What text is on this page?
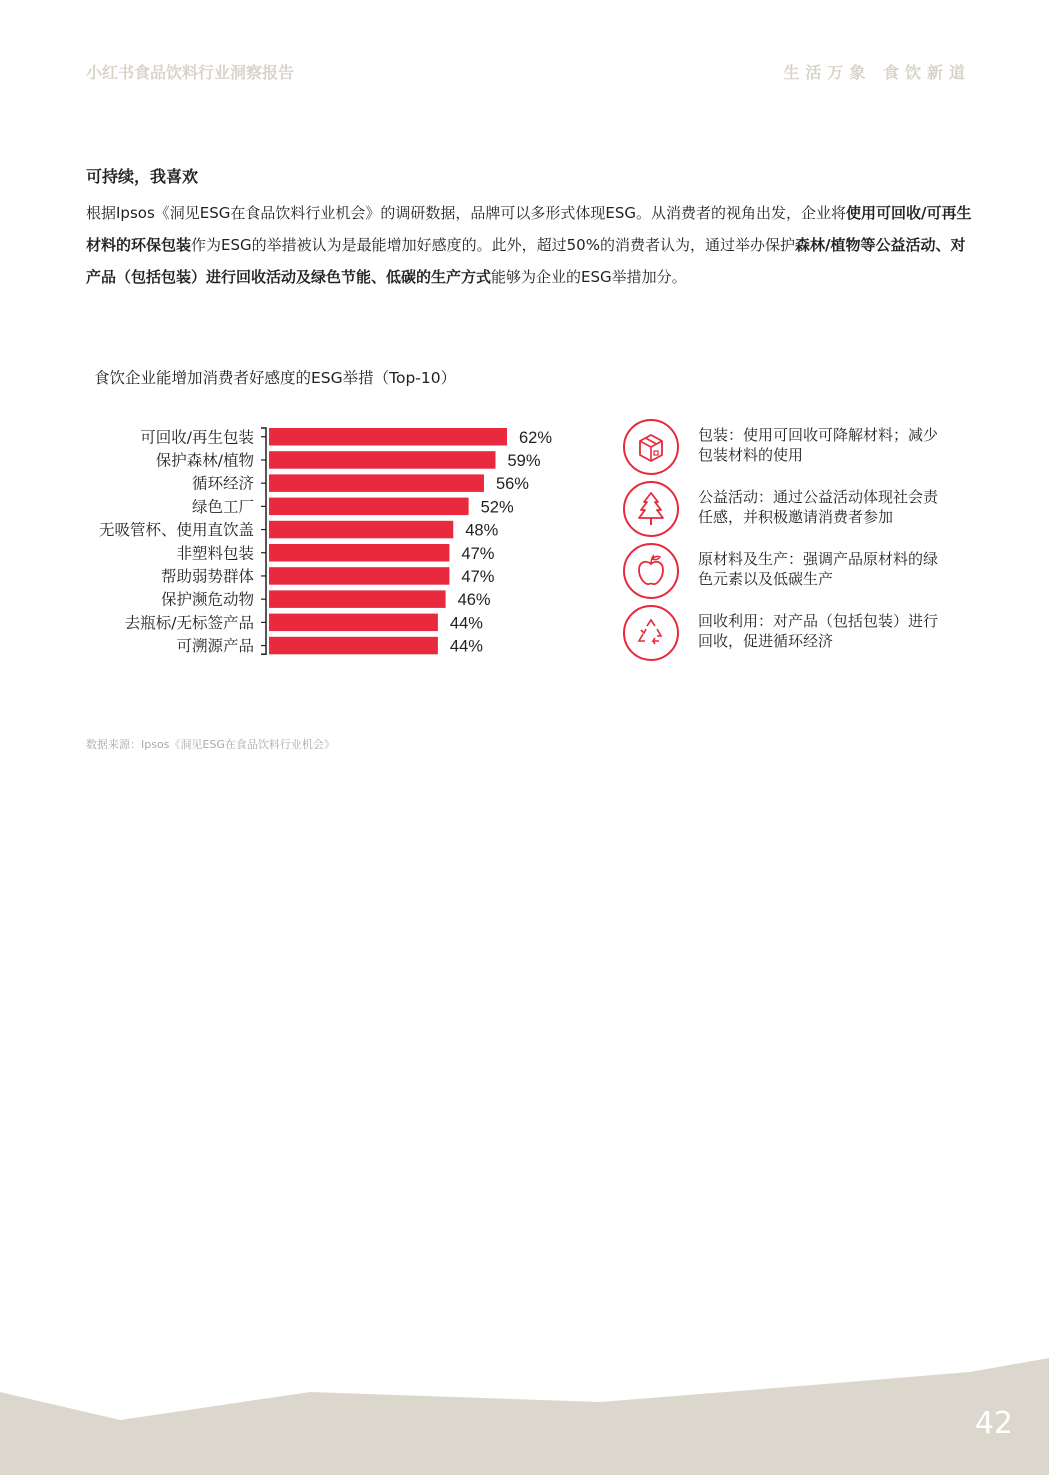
小红书食品饮料行业洞察报告	生活万象 食饮新道
可持续，我喜欢
根据Ipsos《洞见ESG在食品饮料行业机会》的调研数据，品牌可以多形式体现ESG。从消费者的视角出发，企业将使用可回收/可再生材料的环保包装作为ESG的举措被认为是最能增加好感度的。此外，超过50%的消费者认为，通过举办保护森林/植物等公益活动、对产品（包括包装）进行回收活动及绿色节能、低碳的生产方式能够为企业的ESG举措加分。
食饮企业能增加消费者好感度的ESG举措（Top-10）
可回收/再生包装	62%
保护森林/植物	59%
循环经济	56%
绿色工厂	52%
无吸管杯、使用直饮盖	48%
非塑料包装	47%
帮助弱势群体	47%
保护濒危动物	46%
去瓶标/无标签产品	44%
可溯源产品	44%
包装：使用可回收可降解材料；减少包装材料的使用
公益活动：通过公益活动体现社会责任感，并积极邀请消费者参加
原材料及生产：强调产品原材料的绿色元素以及低碳生产
回收利用：对产品（包括包装）进行回收，促进循环经济
数据来源：Ipsos《洞见ESG在食品饮料行业机会》
42
